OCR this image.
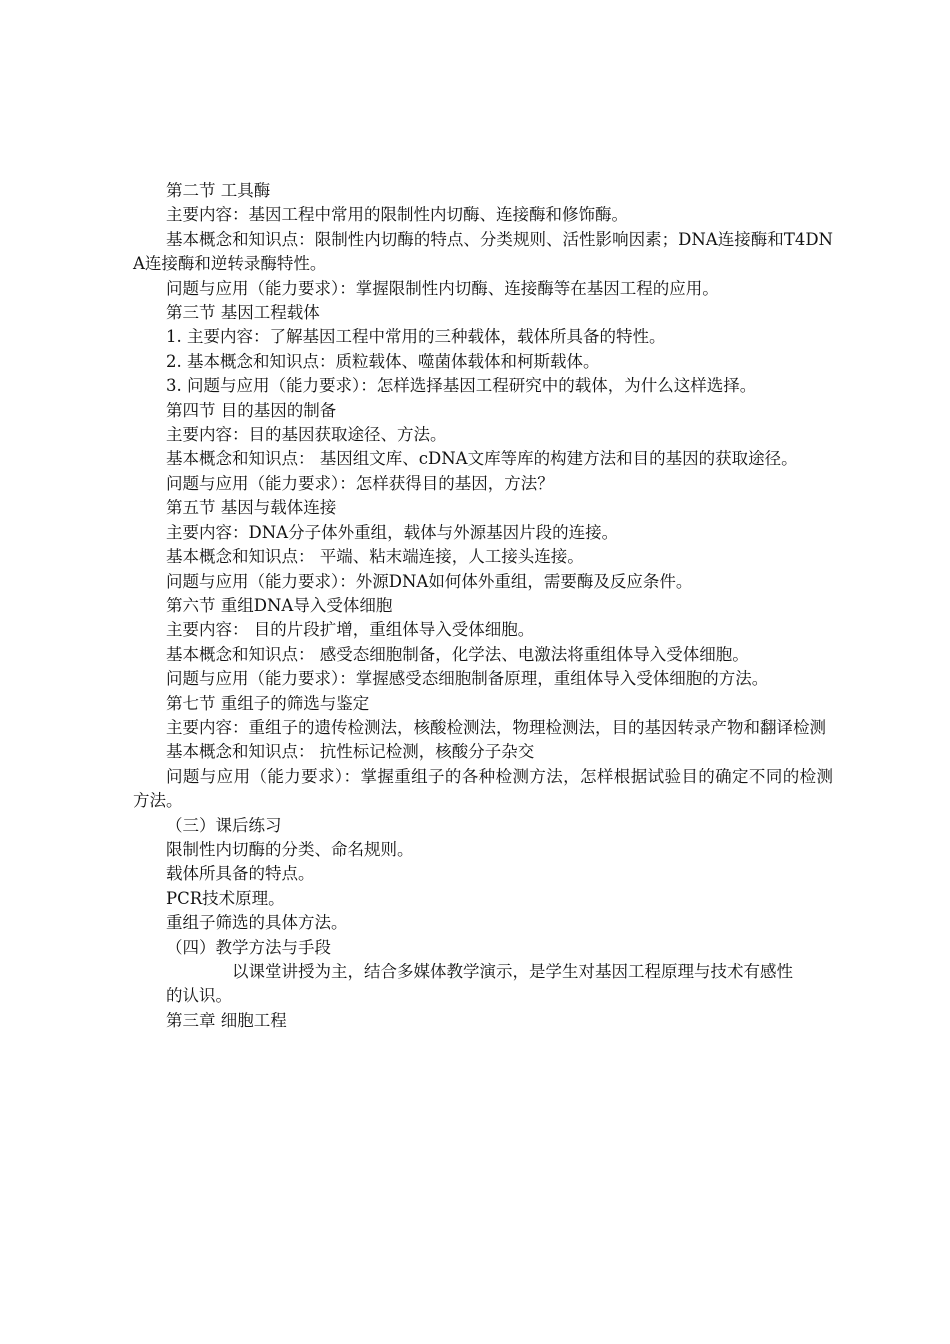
第二节 工具酶

主要内容：基因工程中常用的限制性内切酶、连接酶和修饰酶。

基本概念和知识点：限制性内切酶的特点、分类规则、活性影响因素；DNA连接酶和T4DNA连接酶和逆转录酶特性。

问题与应用（能力要求）：掌握限制性内切酶、连接酶等在基因工程的应用。

第三节 基因工程载体

1. 主要内容：了解基因工程中常用的三种载体，载体所具备的特性。

2. 基本概念和知识点：质粒载体、噬菌体载体和柯斯载体。

3. 问题与应用（能力要求）：怎样选择基因工程研究中的载体，为什么这样选择。

第四节 目的基因的制备

主要内容：目的基因获取途径、方法。

基本概念和知识点： 基因组文库、cDNA文库等库的构建方法和目的基因的获取途径。

问题与应用（能力要求）：怎样获得目的基因，方法？

第五节 基因与载体连接

主要内容：DNA分子体外重组，载体与外源基因片段的连接。

基本概念和知识点： 平端、粘末端连接，人工接头连接。

问题与应用（能力要求）：外源DNA如何体外重组，需要酶及反应条件。

第六节 重组DNA导入受体细胞

主要内容： 目的片段扩增，重组体导入受体细胞。

基本概念和知识点： 感受态细胞制备，化学法、电激法将重组体导入受体细胞。

问题与应用（能力要求）：掌握感受态细胞制备原理，重组体导入受体细胞的方法。

第七节 重组子的筛选与鉴定

主要内容：重组子的遗传检测法，核酸检测法，物理检测法，目的基因转录产物和翻译检测

基本概念和知识点： 抗性标记检测，核酸分子杂交

问题与应用（能力要求）：掌握重组子的各种检测方法，怎样根据试验目的确定不同的检测方法。

（三）课后练习

限制性内切酶的分类、命名规则。

载体所具备的特点。

PCR技术原理。

重组子筛选的具体方法。

（四）教学方法与手段

以课堂讲授为主，结合多媒体教学演示，是学生对基因工程原理与技术有感性

的认识。

第三章 细胞工程
